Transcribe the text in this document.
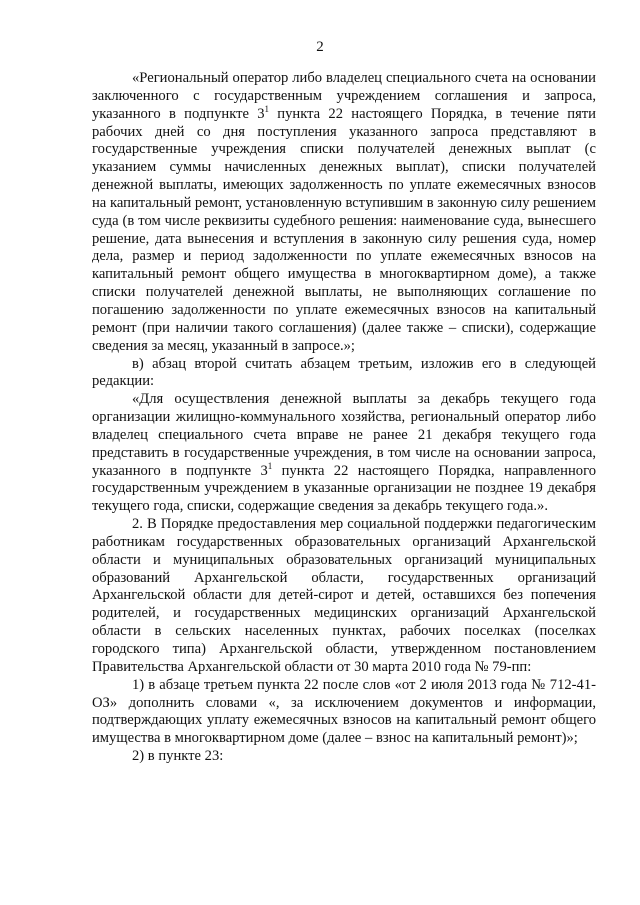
2

«Региональный оператор либо владелец специального счета на основании заключенного с государственным учреждением соглашения и запроса, указанного в подпункте $3^1$ пункта 22 настоящего Порядка, в течение пяти рабочих дней со дня поступления указанного запроса представляют в государственные учреждения списки получателей денежных выплат (с указанием суммы начисленных денежных выплат), списки получателей денежной выплаты, имеющих задолженность по уплате ежемесячных взносов на капитальный ремонт, установленную вступившим в законную силу решением суда (в том числе реквизиты судебного решения: наименование суда, вынесшего решение, дата вынесения и вступления в законную силу решения суда, номер дела, размер и период задолженности по уплате ежемесячных взносов на капитальный ремонт общего имущества в многоквартирном доме), а также списки получателей денежной выплаты, не выполняющих соглашение по погашению задолженности по уплате ежемесячных взносов на капитальный ремонт (при наличии такого соглашения) (далее также – списки), содержащие сведения за месяц, указанный в запросе.»;

в) абзац второй считать абзацем третьим, изложив его в следующей редакции:

«Для осуществления денежной выплаты за декабрь текущего года организации жилищно-коммунального хозяйства, региональный оператор либо владелец специального счета вправе не ранее 21 декабря текущего года представить в государственные учреждения, в том числе на основании запроса, указанного в подпункте $3^1$ пункта 22 настоящего Порядка, направленного государственным учреждением в указанные организации не позднее 19 декабря текущего года, списки, содержащие сведения за декабрь текущего года.».

2. В Порядке предоставления мер социальной поддержки педагогическим работникам государственных образовательных организаций Архангельской области и муниципальных образовательных организаций муниципальных образований Архангельской области, государственных организаций Архангельской области для детей-сирот и детей, оставшихся без попечения родителей, и государственных медицинских организаций Архангельской области в сельских населенных пунктах, рабочих поселках (поселках городского типа) Архангельской области, утвержденном постановлением Правительства Архангельской области от 30 марта 2010 года № 79-пп:

1) в абзаце третьем пункта 22 после слов «от 2 июля 2013 года № 712-41-ОЗ» дополнить словами «, за исключением документов и информации, подтверждающих уплату ежемесячных взносов на капитальный ремонт общего имущества в многоквартирном доме (далее – взнос на капитальный ремонт)»;

2) в пункте 23:
